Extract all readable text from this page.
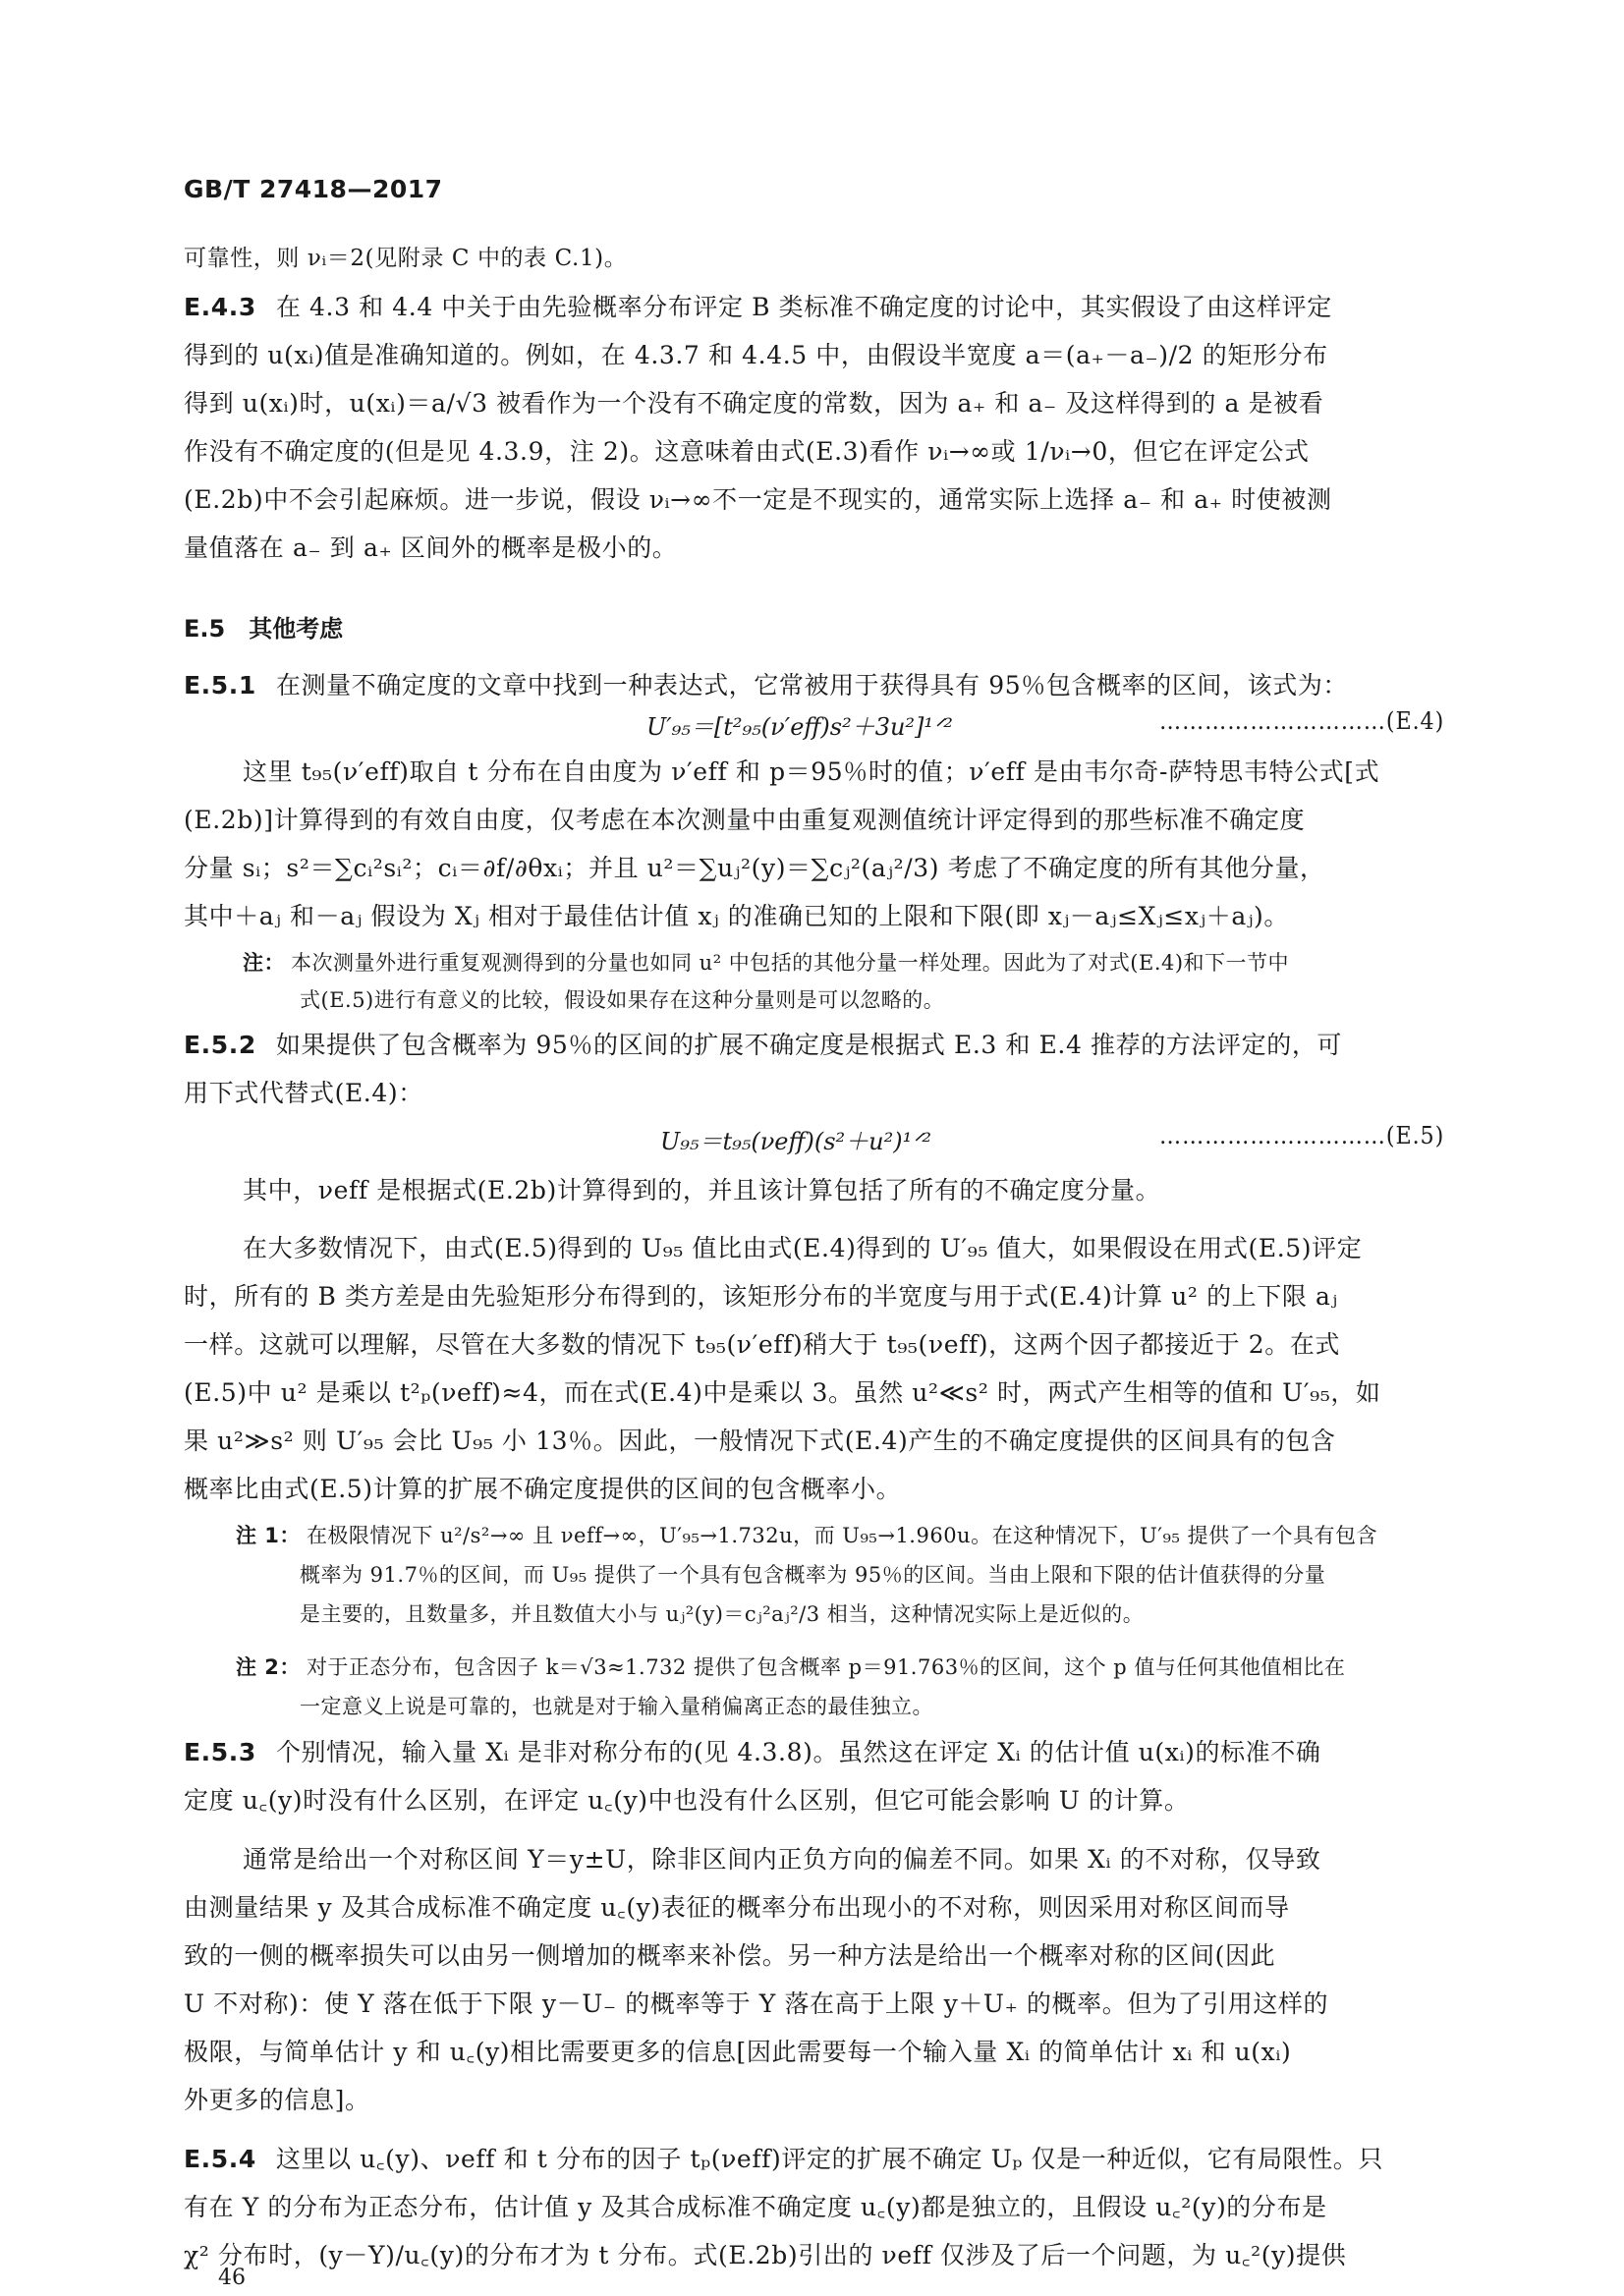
GB/T 27418—2017
可靠性，则 νᵢ＝2(见附录 C 中的表 C.1)。
E.4.3 在 4.3 和 4.4 中关于由先验概率分布评定 B 类标准不确定度的讨论中，其实假设了由这样评定
得到的 u(xᵢ)值是准确知道的。例如，在 4.3.7 和 4.4.5 中，由假设半宽度 a＝(a₊－a₋)/2 的矩形分布
得到 u(xᵢ)时，u(xᵢ)＝a/√3 被看作为一个没有不确定度的常数，因为 a₊ 和 a₋ 及这样得到的 a 是被看
作没有不确定度的(但是见 4.3.9，注 2)。这意味着由式(E.3)看作 νᵢ→∞或 1/νᵢ→0，但它在评定公式
(E.2b)中不会引起麻烦。进一步说，假设 νᵢ→∞不一定是不现实的，通常实际上选择 a₋ 和 a₊ 时使被测
量值落在 a₋ 到 a₊ 区间外的概率是极小的。
E.5　其他考虑
E.5.1 在测量不确定度的文章中找到一种表达式，它常被用于获得具有 95％包含概率的区间，该式为：
U′₉₅＝[t²₉₅(ν′eff)s²＋3u²]¹ᐟ²	…………………………(E.4)
这里 t₉₅(ν′eff)取自 t 分布在自由度为 ν′eff 和 p＝95％时的值；ν′eff 是由韦尔奇-萨特思韦特公式[式
(E.2b)]计算得到的有效自由度，仅考虑在本次测量中由重复观测值统计评定得到的那些标准不确定度
分量 sᵢ；s²＝∑cᵢ²sᵢ²；cᵢ＝∂f/∂θxᵢ；并且 u²＝∑uⱼ²(y)＝∑cⱼ²(aⱼ²/3) 考虑了不确定度的所有其他分量，
其中＋aⱼ 和－aⱼ 假设为 Xⱼ 相对于最佳估计值 xⱼ 的准确已知的上限和下限(即 xⱼ－aⱼ≤Xⱼ≤xⱼ＋aⱼ)。
注： 本次测量外进行重复观测得到的分量也如同 u² 中包括的其他分量一样处理。因此为了对式(E.4)和下一节中
式(E.5)进行有意义的比较，假设如果存在这种分量则是可以忽略的。
E.5.2 如果提供了包含概率为 95％的区间的扩展不确定度是根据式 E.3 和 E.4 推荐的方法评定的，可
用下式代替式(E.4)：
U₉₅＝t₉₅(νeff)(s²＋u²)¹ᐟ²	…………………………(E.5)
其中，νeff 是根据式(E.2b)计算得到的，并且该计算包括了所有的不确定度分量。
在大多数情况下，由式(E.5)得到的 U₉₅ 值比由式(E.4)得到的 U′₉₅ 值大，如果假设在用式(E.5)评定
时，所有的 B 类方差是由先验矩形分布得到的，该矩形分布的半宽度与用于式(E.4)计算 u² 的上下限 aⱼ
一样。这就可以理解，尽管在大多数的情况下 t₉₅(ν′eff)稍大于 t₉₅(νeff)，这两个因子都接近于 2。在式
(E.5)中 u² 是乘以 t²ₚ(νeff)≈4，而在式(E.4)中是乘以 3。虽然 u²≪s² 时，两式产生相等的值和 U′₉₅，如
果 u²≫s² 则 U′₉₅ 会比 U₉₅ 小 13％。因此，一般情况下式(E.4)产生的不确定度提供的区间具有的包含
概率比由式(E.5)计算的扩展不确定度提供的区间的包含概率小。
注 1： 在极限情况下 u²/s²→∞ 且 νeff→∞，U′₉₅→1.732u，而 U₉₅→1.960u。在这种情况下，U′₉₅ 提供了一个具有包含
概率为 91.7％的区间，而 U₉₅ 提供了一个具有包含概率为 95％的区间。当由上限和下限的估计值获得的分量
是主要的，且数量多，并且数值大小与 uⱼ²(y)＝cⱼ²aⱼ²/3 相当，这种情况实际上是近似的。
注 2： 对于正态分布，包含因子 k＝√3≈1.732 提供了包含概率 p＝91.763％的区间，这个 p 值与任何其他值相比在
一定意义上说是可靠的，也就是对于输入量稍偏离正态的最佳独立。
E.5.3 个别情况，输入量 Xᵢ 是非对称分布的(见 4.3.8)。虽然这在评定 Xᵢ 的估计值 u(xᵢ)的标准不确
定度 u꜀(y)时没有什么区别，在评定 u꜀(y)中也没有什么区别，但它可能会影响 U 的计算。
通常是给出一个对称区间 Y＝y±U，除非区间内正负方向的偏差不同。如果 Xᵢ 的不对称，仅导致
由测量结果 y 及其合成标准不确定度 u꜀(y)表征的概率分布出现小的不对称，则因采用对称区间而导
致的一侧的概率损失可以由另一侧增加的概率来补偿。另一种方法是给出一个概率对称的区间(因此
U 不对称)：使 Y 落在低于下限 y－U₋ 的概率等于 Y 落在高于上限 y＋U₊ 的概率。但为了引用这样的
极限，与简单估计 y 和 u꜀(y)相比需要更多的信息[因此需要每一个输入量 Xᵢ 的简单估计 xᵢ 和 u(xᵢ)
外更多的信息]。
E.5.4 这里以 u꜀(y)、νeff 和 t 分布的因子 tₚ(νeff)评定的扩展不确定 Uₚ 仅是一种近似，它有局限性。只
有在 Y 的分布为正态分布，估计值 y 及其合成标准不确定度 u꜀(y)都是独立的，且假设 u꜀²(y)的分布是
χ² 分布时，(y－Y)/u꜀(y)的分布才为 t 分布。式(E.2b)引出的 νeff 仅涉及了后一个问题，为 u꜀²(y)提供
46
